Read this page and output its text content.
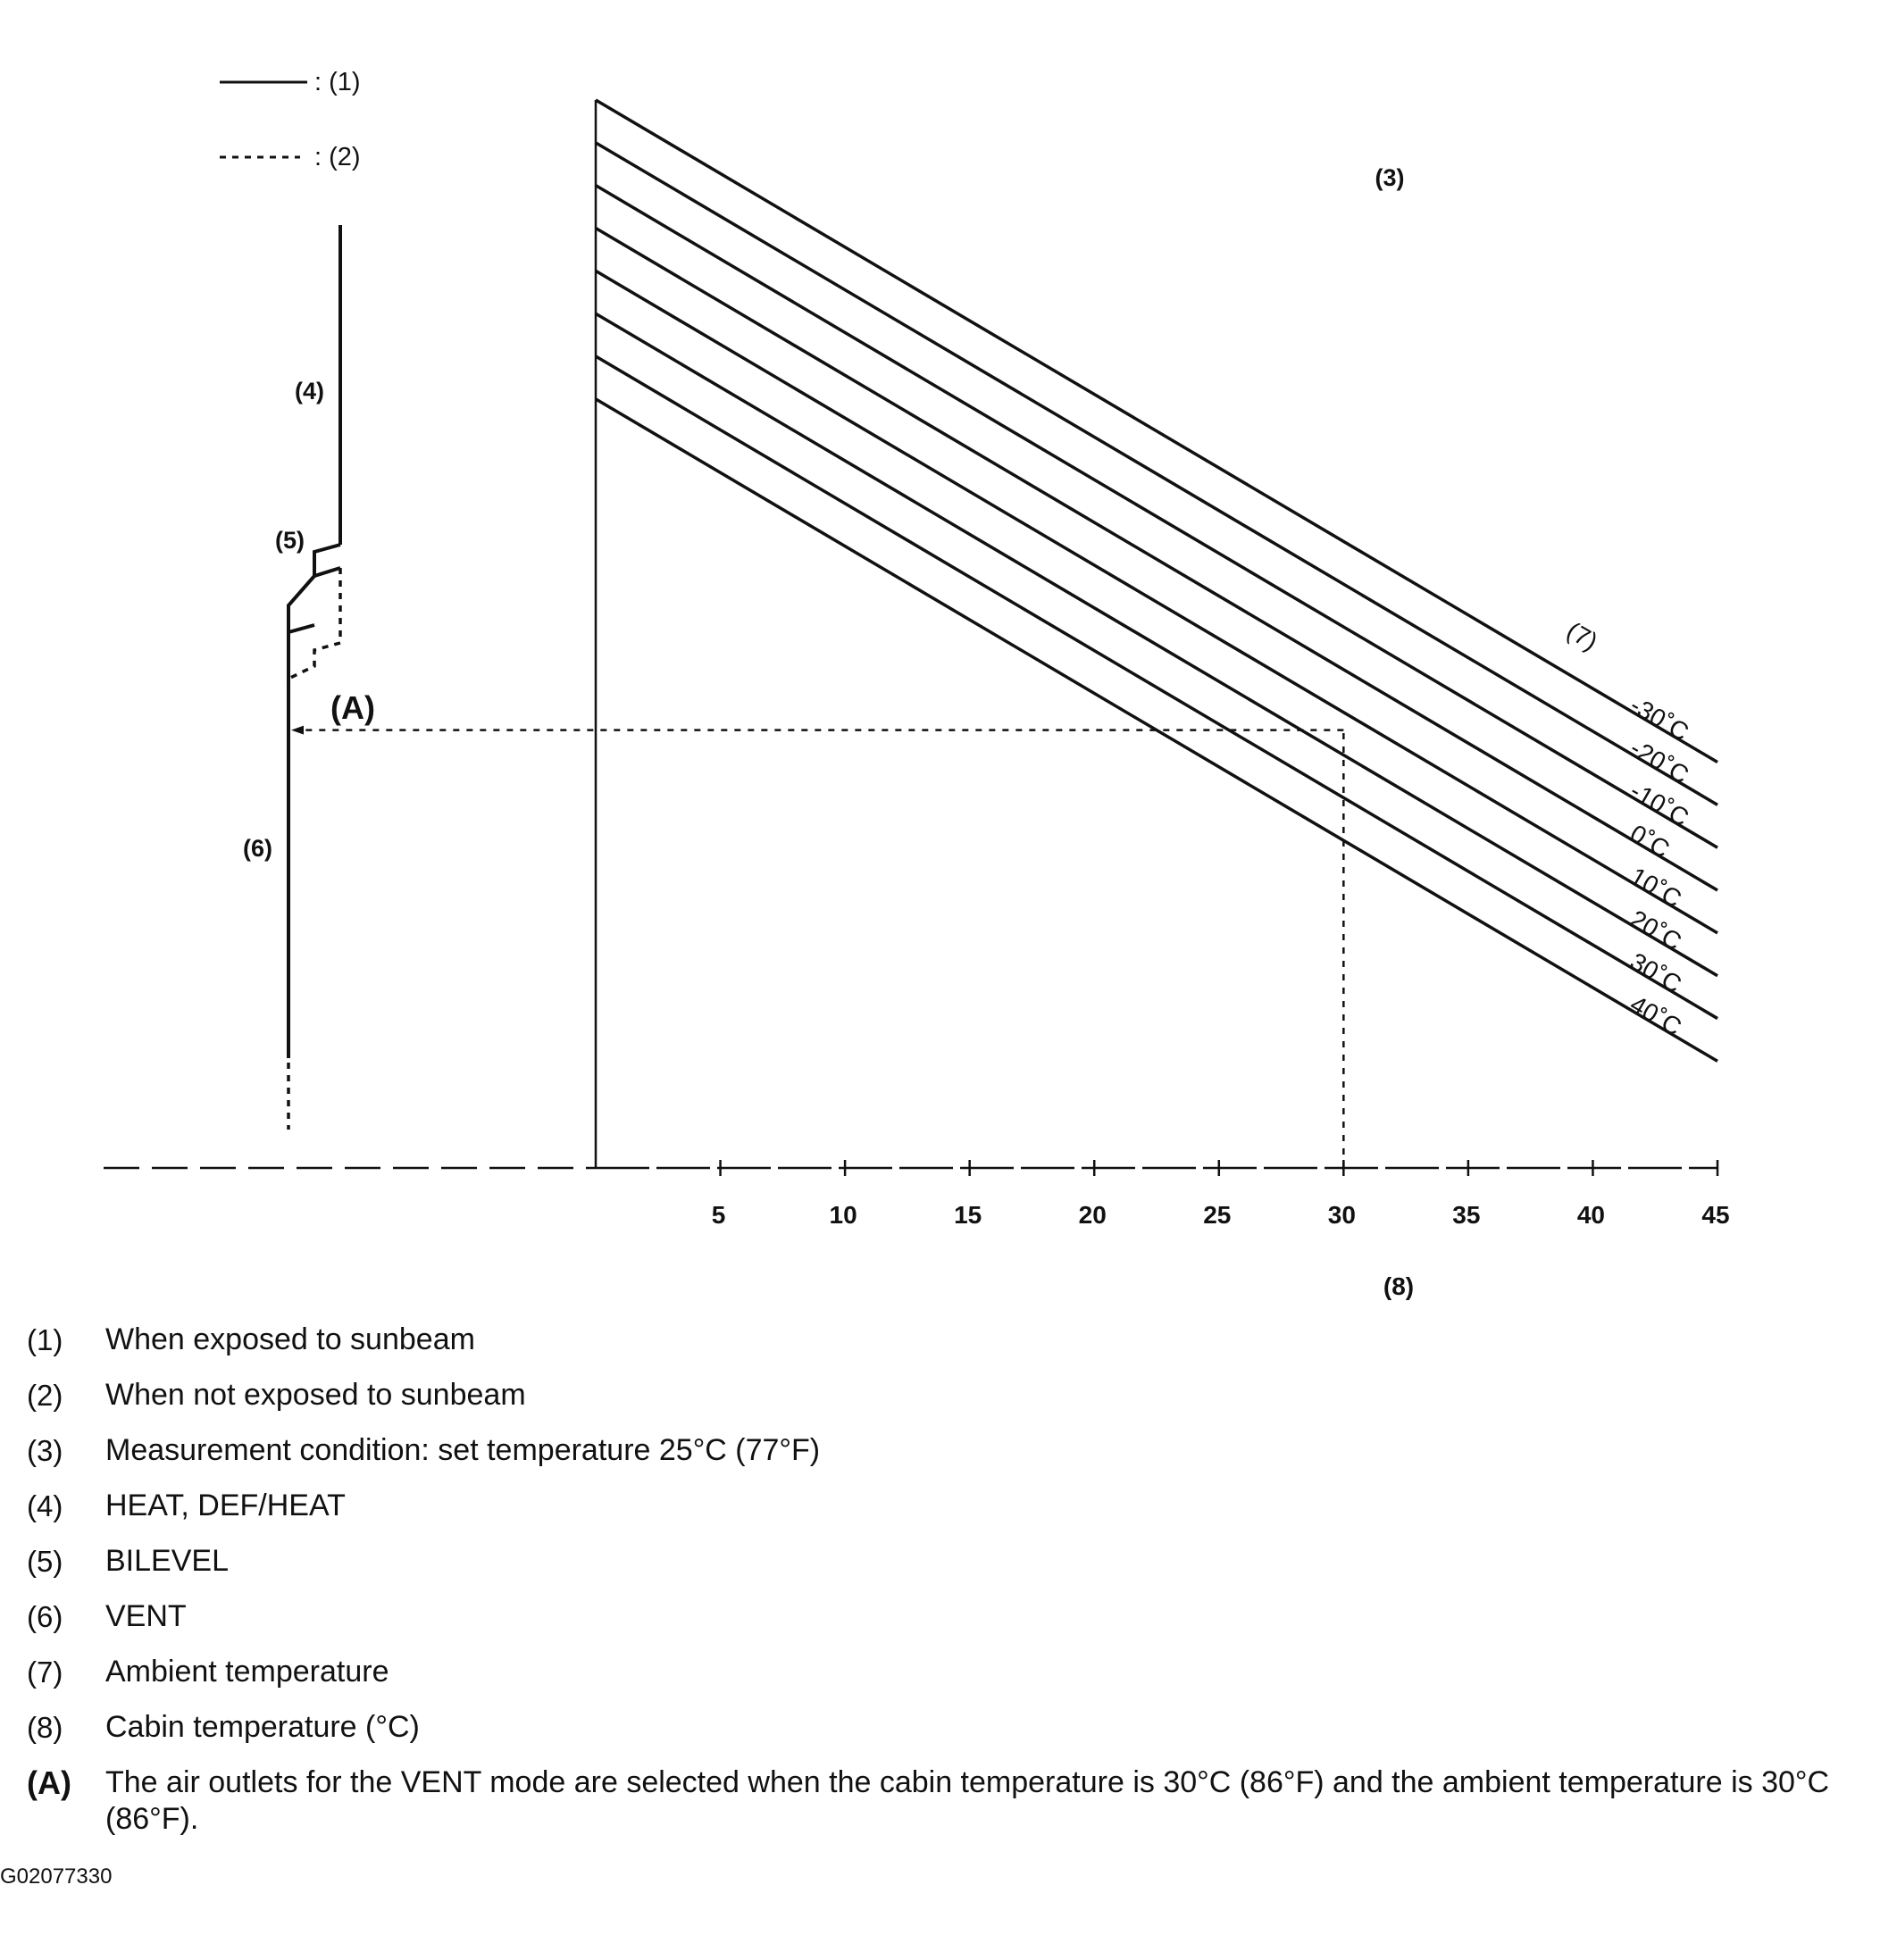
: (1)
: (2)
(4)
(5)
(6)
5	10	15	20	25	30	35	40	45
(8)
-30˚C
-20˚C
-10˚C
0˚C
10˚C
20˚C
30˚C
40˚C
(7)
(3)
(A)
(1)	When exposed to sunbeam
(2)	When not exposed to sunbeam
(3)	Measurement condition: set temperature 25°C (77°F)
(4)	HEAT, DEF/HEAT
(5)	BILEVEL
(6)	VENT
(7)	Ambient temperature
(8)	Cabin temperature (°C)
(A)	The air outlets for the VENT mode are selected when the cabin temperature is 30°C (86°F) and the ambient temperature is 30°C (86°F).
G02077330
